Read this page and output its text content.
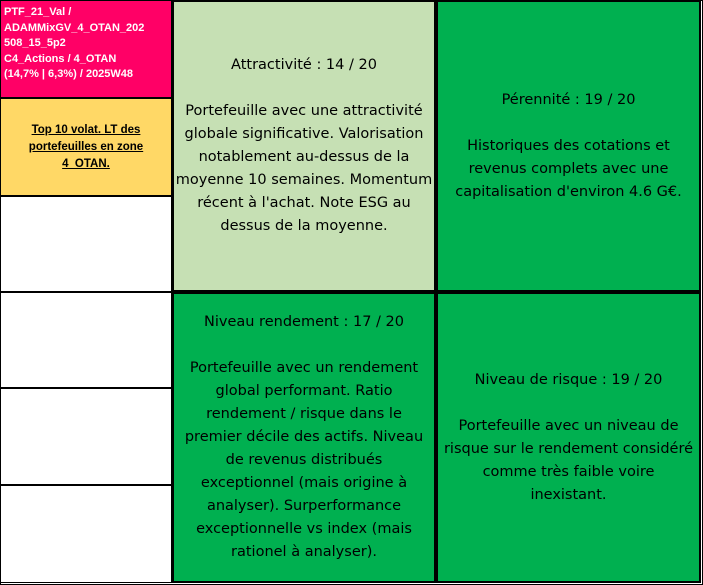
PTF_21_Val /
ADAMMixGV_4_OTAN_202
508_15_5p2
C4_Actions / 4_OTAN
(14,7% | 6,3%) / 2025W48
Top 10 volat. LT des portefeuilles en zone 4_OTAN.
Attractivité : 14 / 20
Portefeuille avec une attractivité globale significative. Valorisation notablement au-dessus de la moyenne 10 semaines. Momentum récent à l'achat. Note ESG au dessus de la moyenne.
Pérennité : 19 / 20
Historiques des cotations et revenus complets avec une capitalisation d'environ 4.6 G€.
Niveau rendement : 17 / 20
Portefeuille avec un rendement global performant. Ratio rendement / risque dans le premier décile des actifs. Niveau de revenus distribués exceptionnel (mais origine à analyser). Surperformance exceptionnelle vs index (mais rationel à analyser).
Niveau de risque : 19 / 20
Portefeuille avec un niveau de risque sur le rendement considéré comme très faible voire inexistant.
